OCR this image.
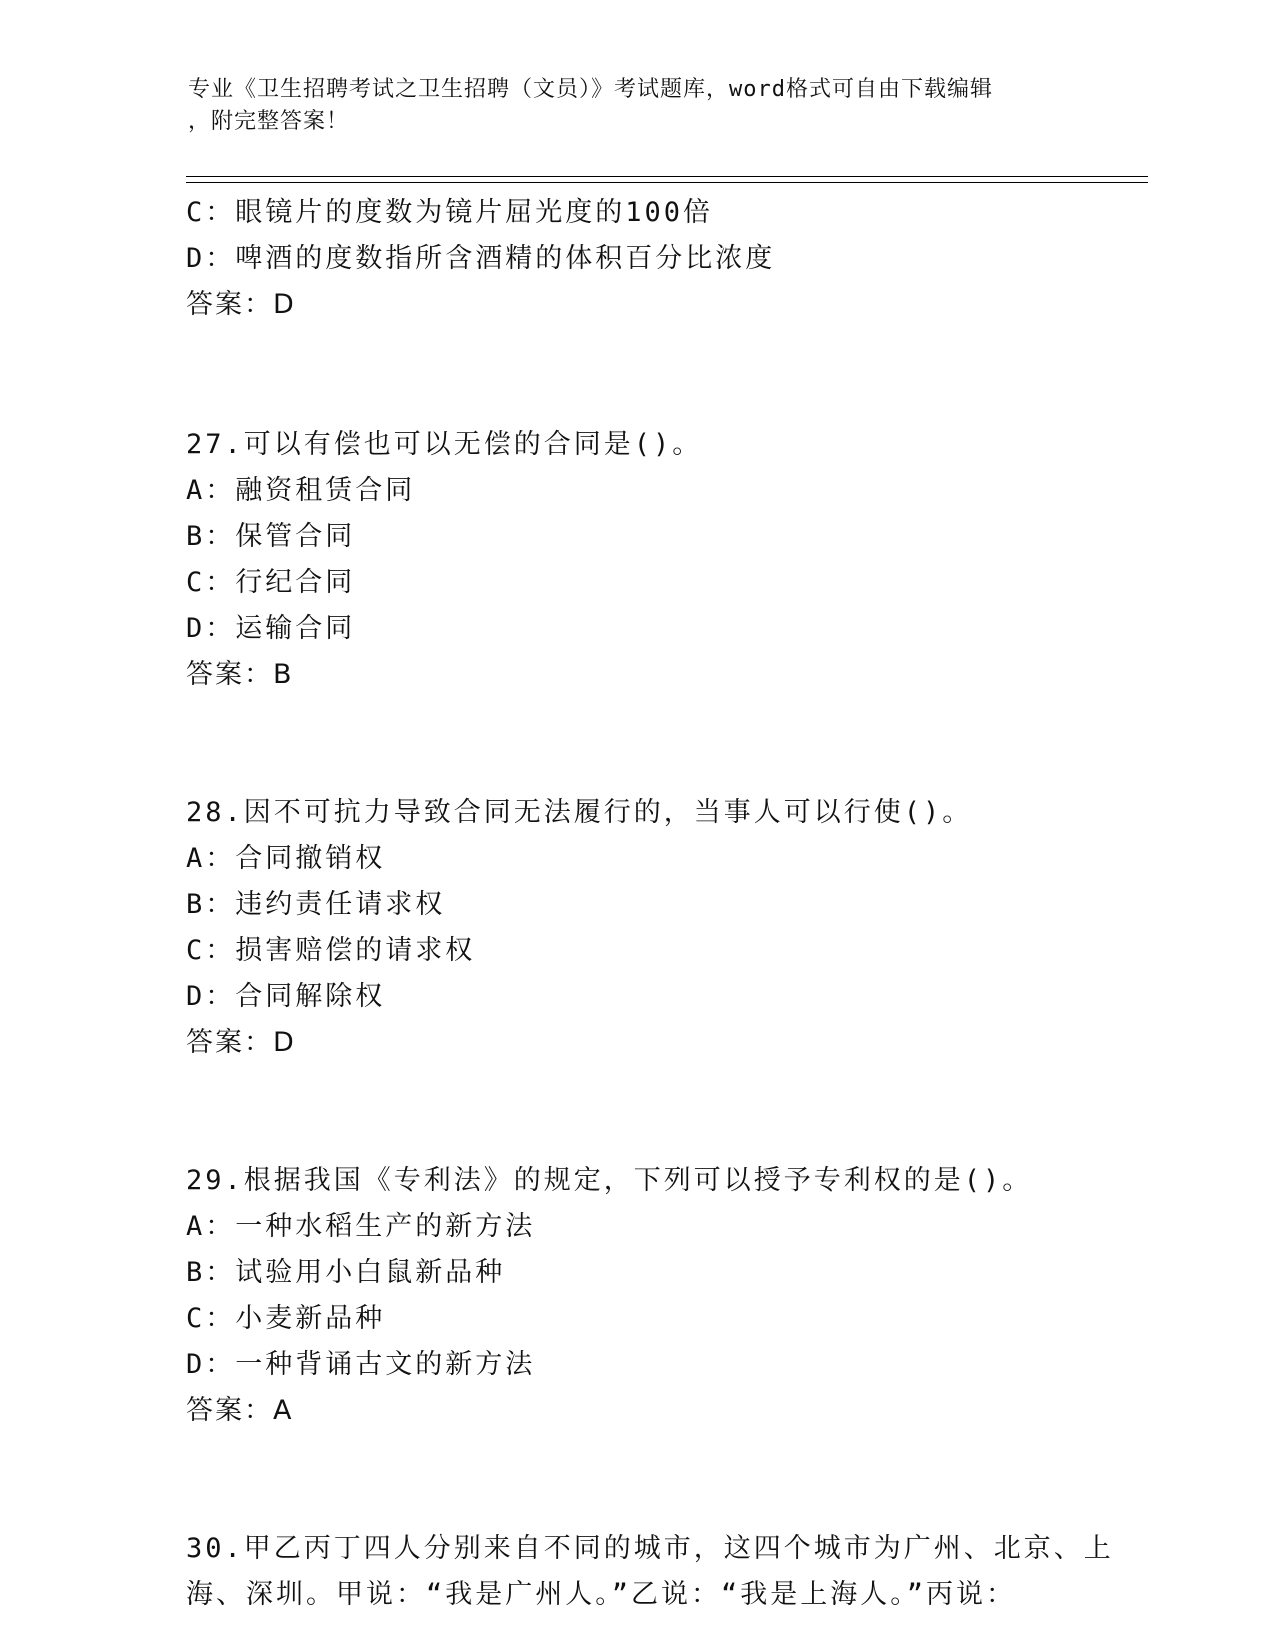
专业《卫生招聘考试之卫生招聘（文员）》考试题库，word格式可自由下载编辑
，附完整答案！
C：眼镜片的度数为镜片屈光度的100倍
D：啤酒的度数指所含酒精的体积百分比浓度
答案：D
27.可以有偿也可以无偿的合同是()。
A：融资租赁合同
B：保管合同
C：行纪合同
D：运输合同
答案：B
28.因不可抗力导致合同无法履行的，当事人可以行使()。
A：合同撤销权
B：违约责任请求权
C：损害赔偿的请求权
D：合同解除权
答案：D
29.根据我国《专利法》的规定，下列可以授予专利权的是()。
A：一种水稻生产的新方法
B：试验用小白鼠新品种
C：小麦新品种
D：一种背诵古文的新方法
答案：A
30.甲乙丙丁四人分别来自不同的城市，这四个城市为广州、北京、上
海、深圳。甲说：“我是广州人。”乙说：“我是上海人。”丙说：
